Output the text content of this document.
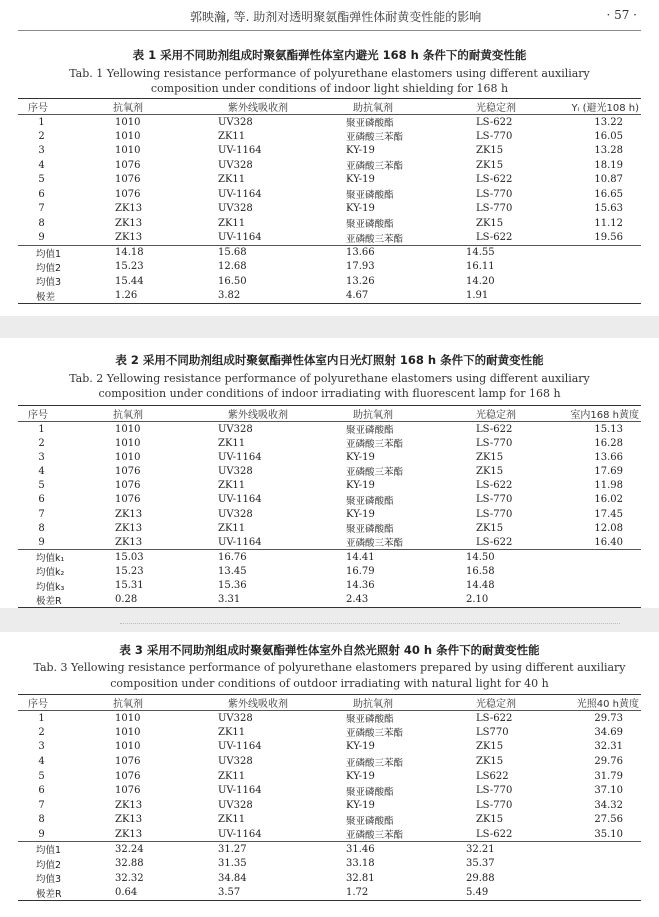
郭映瀚, 等. 助剂对透明聚氨酯弹性体耐黄变性能的影响	· 57 ·
表 1 采用不同助剂组成时聚氨酯弹性体室内避光 168 h 条件下的耐黄变性能
Tab. 1 Yellowing resistance performance of polyurethane elastomers using different auxiliary
composition under conditions of indoor light shielding for 168 h
序号	抗氧剂	紫外线吸收剂	助抗氧剂	光稳定剂	Yᵢ (避光108 h)
1	1010	UV328	聚亚磷酸酯	LS-622	13.22
2	1010	ZK11	亚磷酸三苯酯	LS-770	16.05
3	1010	UV-1164	KY-19	ZK15	13.28
4	1076	UV328	亚磷酸三苯酯	ZK15	18.19
5	1076	ZK11	KY-19	LS-622	10.87
6	1076	UV-1164	聚亚磷酸酯	LS-770	16.65
7	ZK13	UV328	KY-19	LS-770	15.63
8	ZK13	ZK11	聚亚磷酸酯	ZK15	11.12
9	ZK13	UV-1164	亚磷酸三苯酯	LS-622	19.56
均值1	14.18	15.68	13.66	14.55	
均值2	15.23	12.68	17.93	16.11	
均值3	15.44	16.50	13.26	14.20	
极差	1.26	3.82	4.67	1.91	
表 2 采用不同助剂组成时聚氨酯弹性体室内日光灯照射 168 h 条件下的耐黄变性能
Tab. 2 Yellowing resistance performance of polyurethane elastomers using different auxiliary
composition under conditions of indoor irradiating with fluorescent lamp for 168 h
序号	抗氧剂	紫外线吸收剂	助抗氧剂	光稳定剂	室内168 h黄度
1	1010	UV328	聚亚磷酸酯	LS-622	15.13
2	1010	ZK11	亚磷酸三苯酯	LS-770	16.28
3	1010	UV-1164	KY-19	ZK15	13.66
4	1076	UV328	亚磷酸三苯酯	ZK15	17.69
5	1076	ZK11	KY-19	LS-622	11.98
6	1076	UV-1164	聚亚磷酸酯	LS-770	16.02
7	ZK13	UV328	KY-19	LS-770	17.45
8	ZK13	ZK11	聚亚磷酸酯	ZK15	12.08
9	ZK13	UV-1164	亚磷酸三苯酯	LS-622	16.40
均值k₁	15.03	16.76	14.41	14.50	
均值k₂	15.23	13.45	16.79	16.58	
均值k₃	15.31	15.36	14.36	14.48	
极差R	0.28	3.31	2.43	2.10	
表 3 采用不同助剂组成时聚氨酯弹性体室外自然光照射 40 h 条件下的耐黄变性能
Tab. 3 Yellowing resistance performance of polyurethane elastomers prepared by using different auxiliary
composition under conditions of outdoor irradiating with natural light for 40 h
序号	抗氧剂	紫外线吸收剂	助抗氧剂	光稳定剂	光照40 h黄度
1	1010	UV328	聚亚磷酸酯	LS-622	29.73
2	1010	ZK11	亚磷酸三苯酯	LS770	34.69
3	1010	UV-1164	KY-19	ZK15	32.31
4	1076	UV328	亚磷酸三苯酯	ZK15	29.76
5	1076	ZK11	KY-19	LS622	31.79
6	1076	UV-1164	聚亚磷酸酯	LS-770	37.10
7	ZK13	UV328	KY-19	LS-770	34.32
8	ZK13	ZK11	聚亚磷酸酯	ZK15	27.56
9	ZK13	UV-1164	亚磷酸三苯酯	LS-622	35.10
均值1	32.24	31.27	31.46	32.21	
均值2	32.88	31.35	33.18	35.37	
均值3	32.32	34.84	32.81	29.88	
极差R	0.64	3.57	1.72	5.49	
